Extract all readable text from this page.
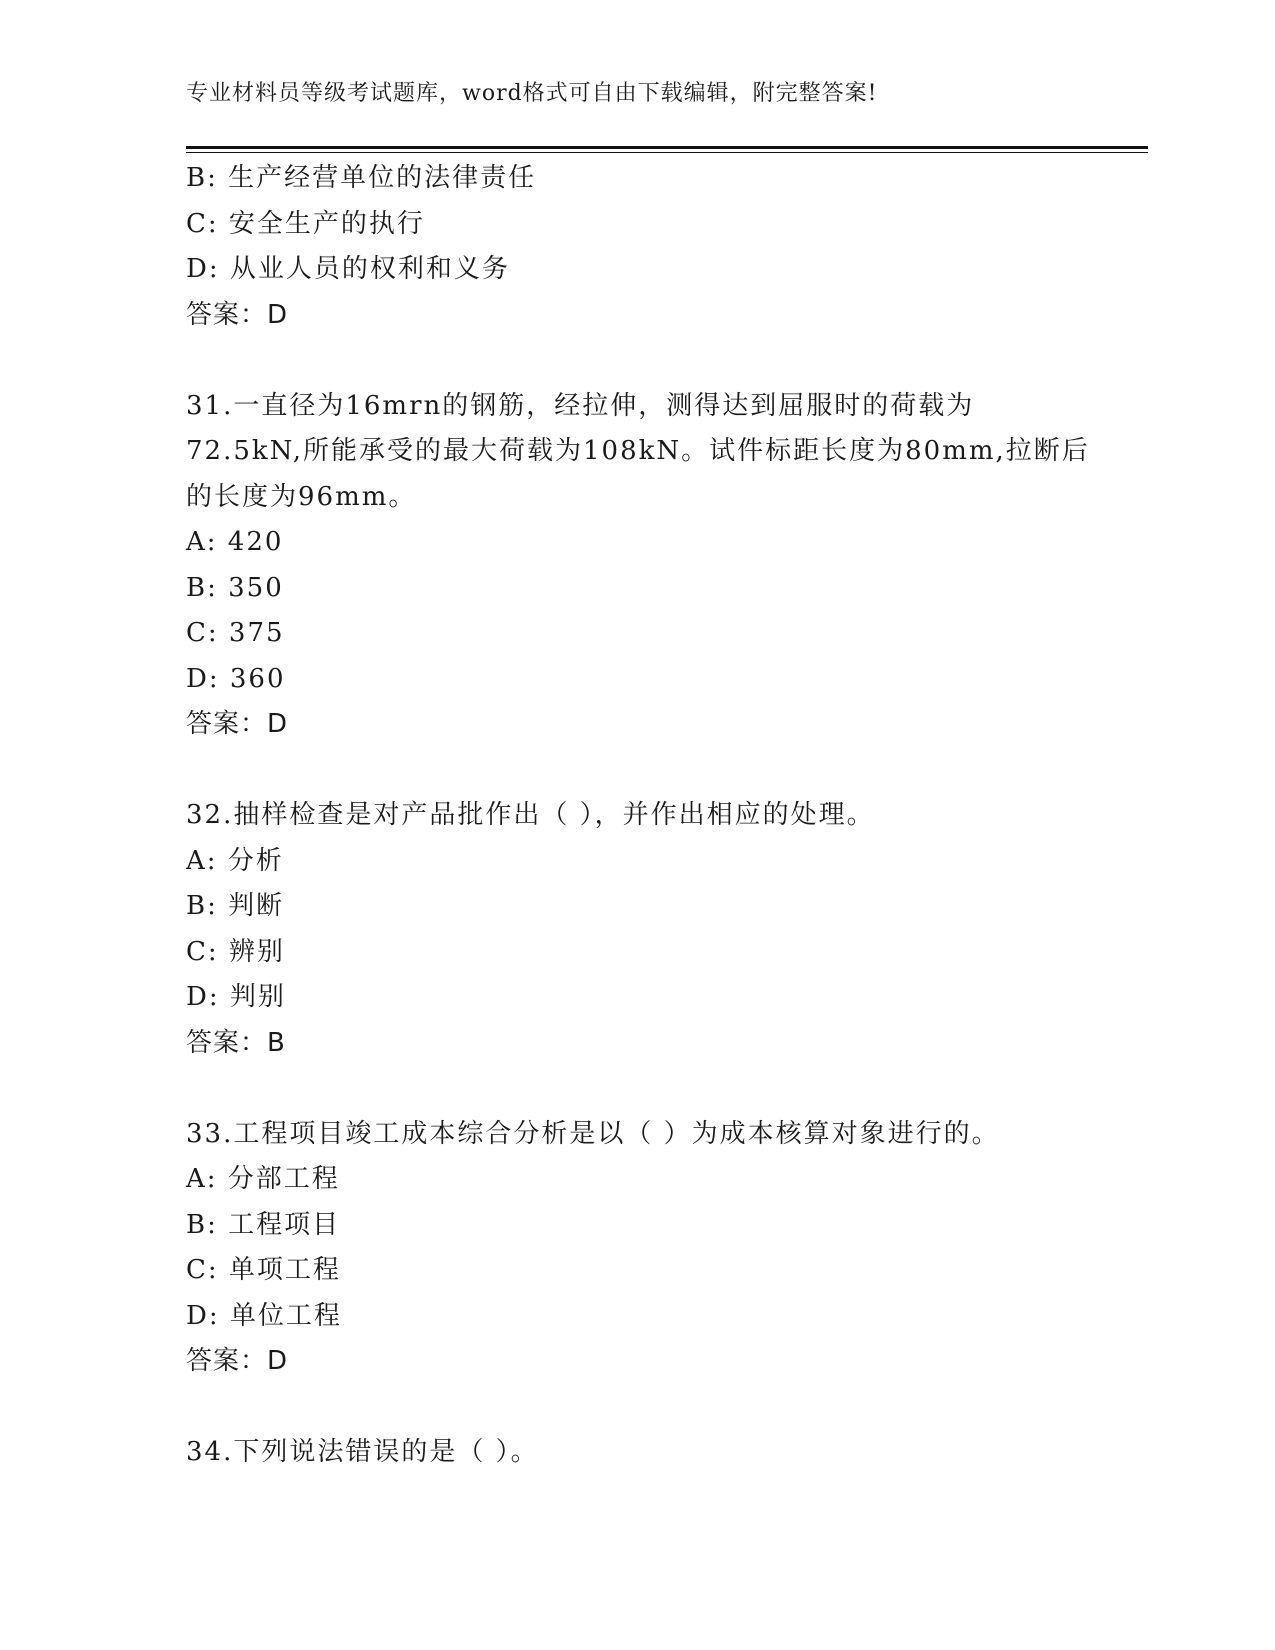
专业材料员等级考试题库，word格式可自由下载编辑，附完整答案!
B: 生产经营单位的法律责任
C: 安全生产的执行
D: 从业人员的权利和义务
答案：D
31.一直径为16mrn的钢筋，经拉伸，测得达到屈服时的荷载为
72.5kN,所能承受的最大荷载为108kN。试件标距长度为80mm,拉断后
的长度为96mm。
A: 420
B: 350
C: 375
D: 360
答案：D
32.抽样检查是对产品批作出（ ），并作出相应的处理。
A: 分析
B: 判断
C: 辨别
D: 判别
答案：B
33.工程项目竣工成本综合分析是以（ ）为成本核算对象进行的。
A: 分部工程
B: 工程项目
C: 单项工程
D: 单位工程
答案：D
34.下列说法错误的是（ ）。
